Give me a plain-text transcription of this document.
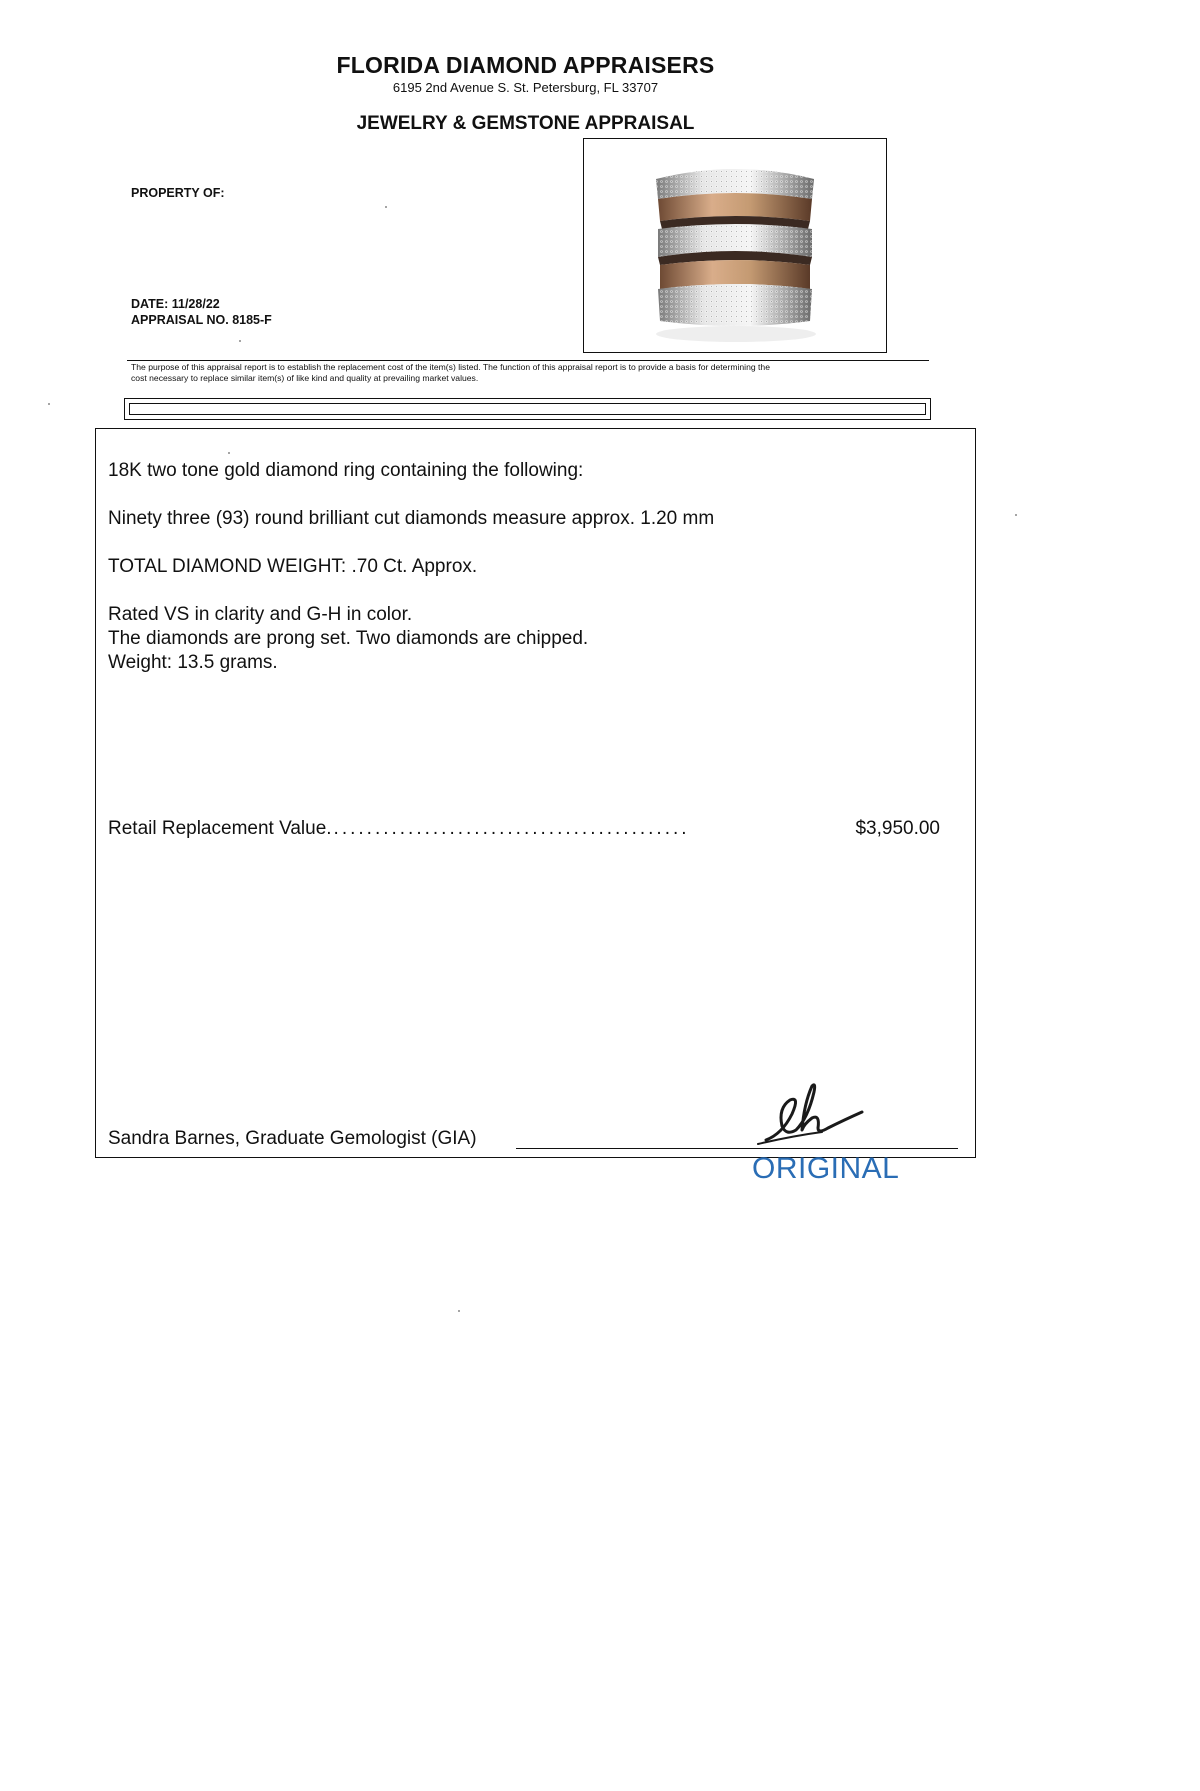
FLORIDA DIAMOND APPRAISERS
6195 2nd Avenue S. St. Petersburg, FL 33707
JEWELRY & GEMSTONE APPRAISAL
PROPERTY OF:
DATE: 11/28/22
APPRAISAL NO. 8185-F
The purpose of this appraisal report is to establish the replacement cost of the item(s) listed. The function of this appraisal report is to provide a basis for determining the
cost necessary to replace similar item(s) of like kind and quality at prevailing market values.
18K two tone gold diamond ring containing the following:
Ninety three (93) round brilliant cut diamonds measure approx. 1.20 mm
TOTAL DIAMOND WEIGHT: .70 Ct. Approx.
Rated VS in clarity and G-H in color.
The diamonds are prong set. Two diamonds are chipped.
Weight: 13.5 grams.
Retail Replacement Value. ...........................................	$3,950.00
Sandra Barnes, Graduate Gemologist (GIA)
ORIGINAL
